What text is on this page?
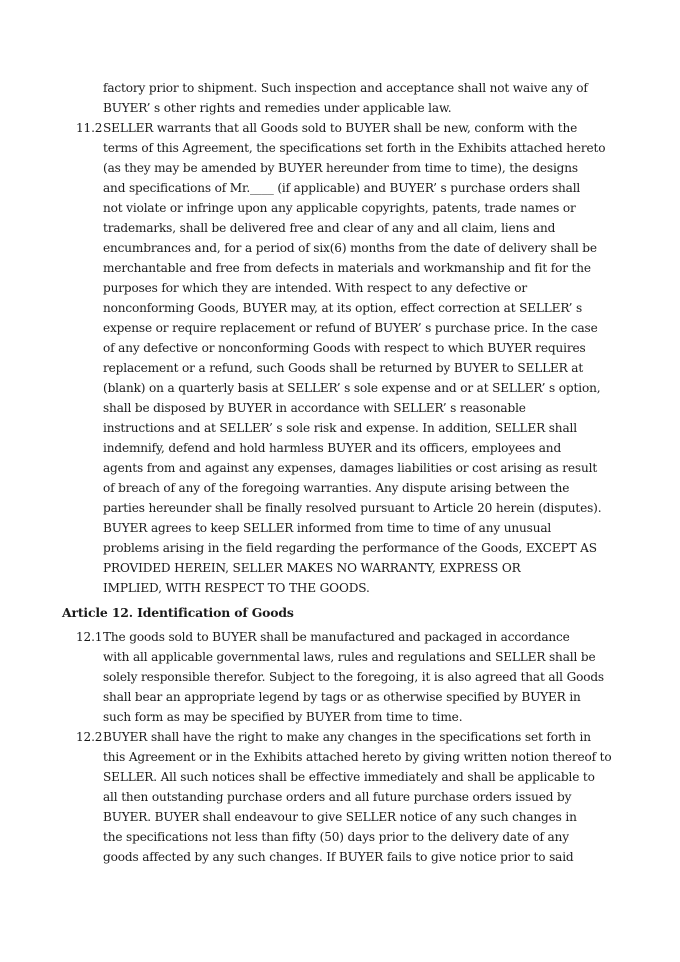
factory prior to shipment. Such inspection and acceptance shall not waive any of
BUYER’ s other rights and remedies under applicable law.
11.2 SELLER warrants that all Goods sold to BUYER shall be new, conform with the
terms of this Agreement, the specifications set forth in the Exhibits attached hereto
(as they may be amended by BUYER hereunder from time to time), the designs
and specifications of Mr.____ (if applicable) and BUYER’ s purchase orders shall
not violate or infringe upon any applicable copyrights, patents, trade names or
trademarks, shall be delivered free and clear of any and all claim, liens and
encumbrances and, for a period of six(6) months from the date of delivery shall be
merchantable and free from defects in materials and workmanship and fit for the
purposes for which they are intended. With respect to any defective or
nonconforming Goods, BUYER may, at its option, effect correction at SELLER’ s
expense or require replacement or refund of BUYER’ s purchase price. In the case
of any defective or nonconforming Goods with respect to which BUYER requires
replacement or a refund, such Goods shall be returned by BUYER to SELLER at
(blank) on a quarterly basis at SELLER’ s sole expense and or at SELLER’ s option,
shall be disposed by BUYER in accordance with SELLER’ s reasonable
instructions and at SELLER’ s sole risk and expense. In addition, SELLER shall
indemnify, defend and hold harmless BUYER and its officers, employees and
agents from and against any expenses, damages liabilities or cost arising as result
of breach of any of the foregoing warranties. Any dispute arising between the
parties hereunder shall be finally resolved pursuant to Article 20 herein (disputes).
BUYER agrees to keep SELLER informed from time to time of any unusual
problems arising in the field regarding the performance of the Goods, EXCEPT AS
PROVIDED HEREIN, SELLER MAKES NO WARRANTY, EXPRESS OR
IMPLIED, WITH RESPECT TO THE GOODS.
Article 12. Identification of Goods
12.1 The goods sold to BUYER shall be manufactured and packaged in accordance
with all applicable governmental laws, rules and regulations and SELLER shall be
solely responsible therefor. Subject to the foregoing, it is also agreed that all Goods
shall bear an appropriate legend by tags or as otherwise specified by BUYER in
such form as may be specified by BUYER from time to time.
12.2 BUYER shall have the right to make any changes in the specifications set forth in
this Agreement or in the Exhibits attached hereto by giving written notion thereof to
SELLER. All such notices shall be effective immediately and shall be applicable to
all then outstanding purchase orders and all future purchase orders issued by
BUYER. BUYER shall endeavour to give SELLER notice of any such changes in
the specifications not less than fifty (50) days prior to the delivery date of any
goods affected by any such changes. If BUYER fails to give notice prior to said
